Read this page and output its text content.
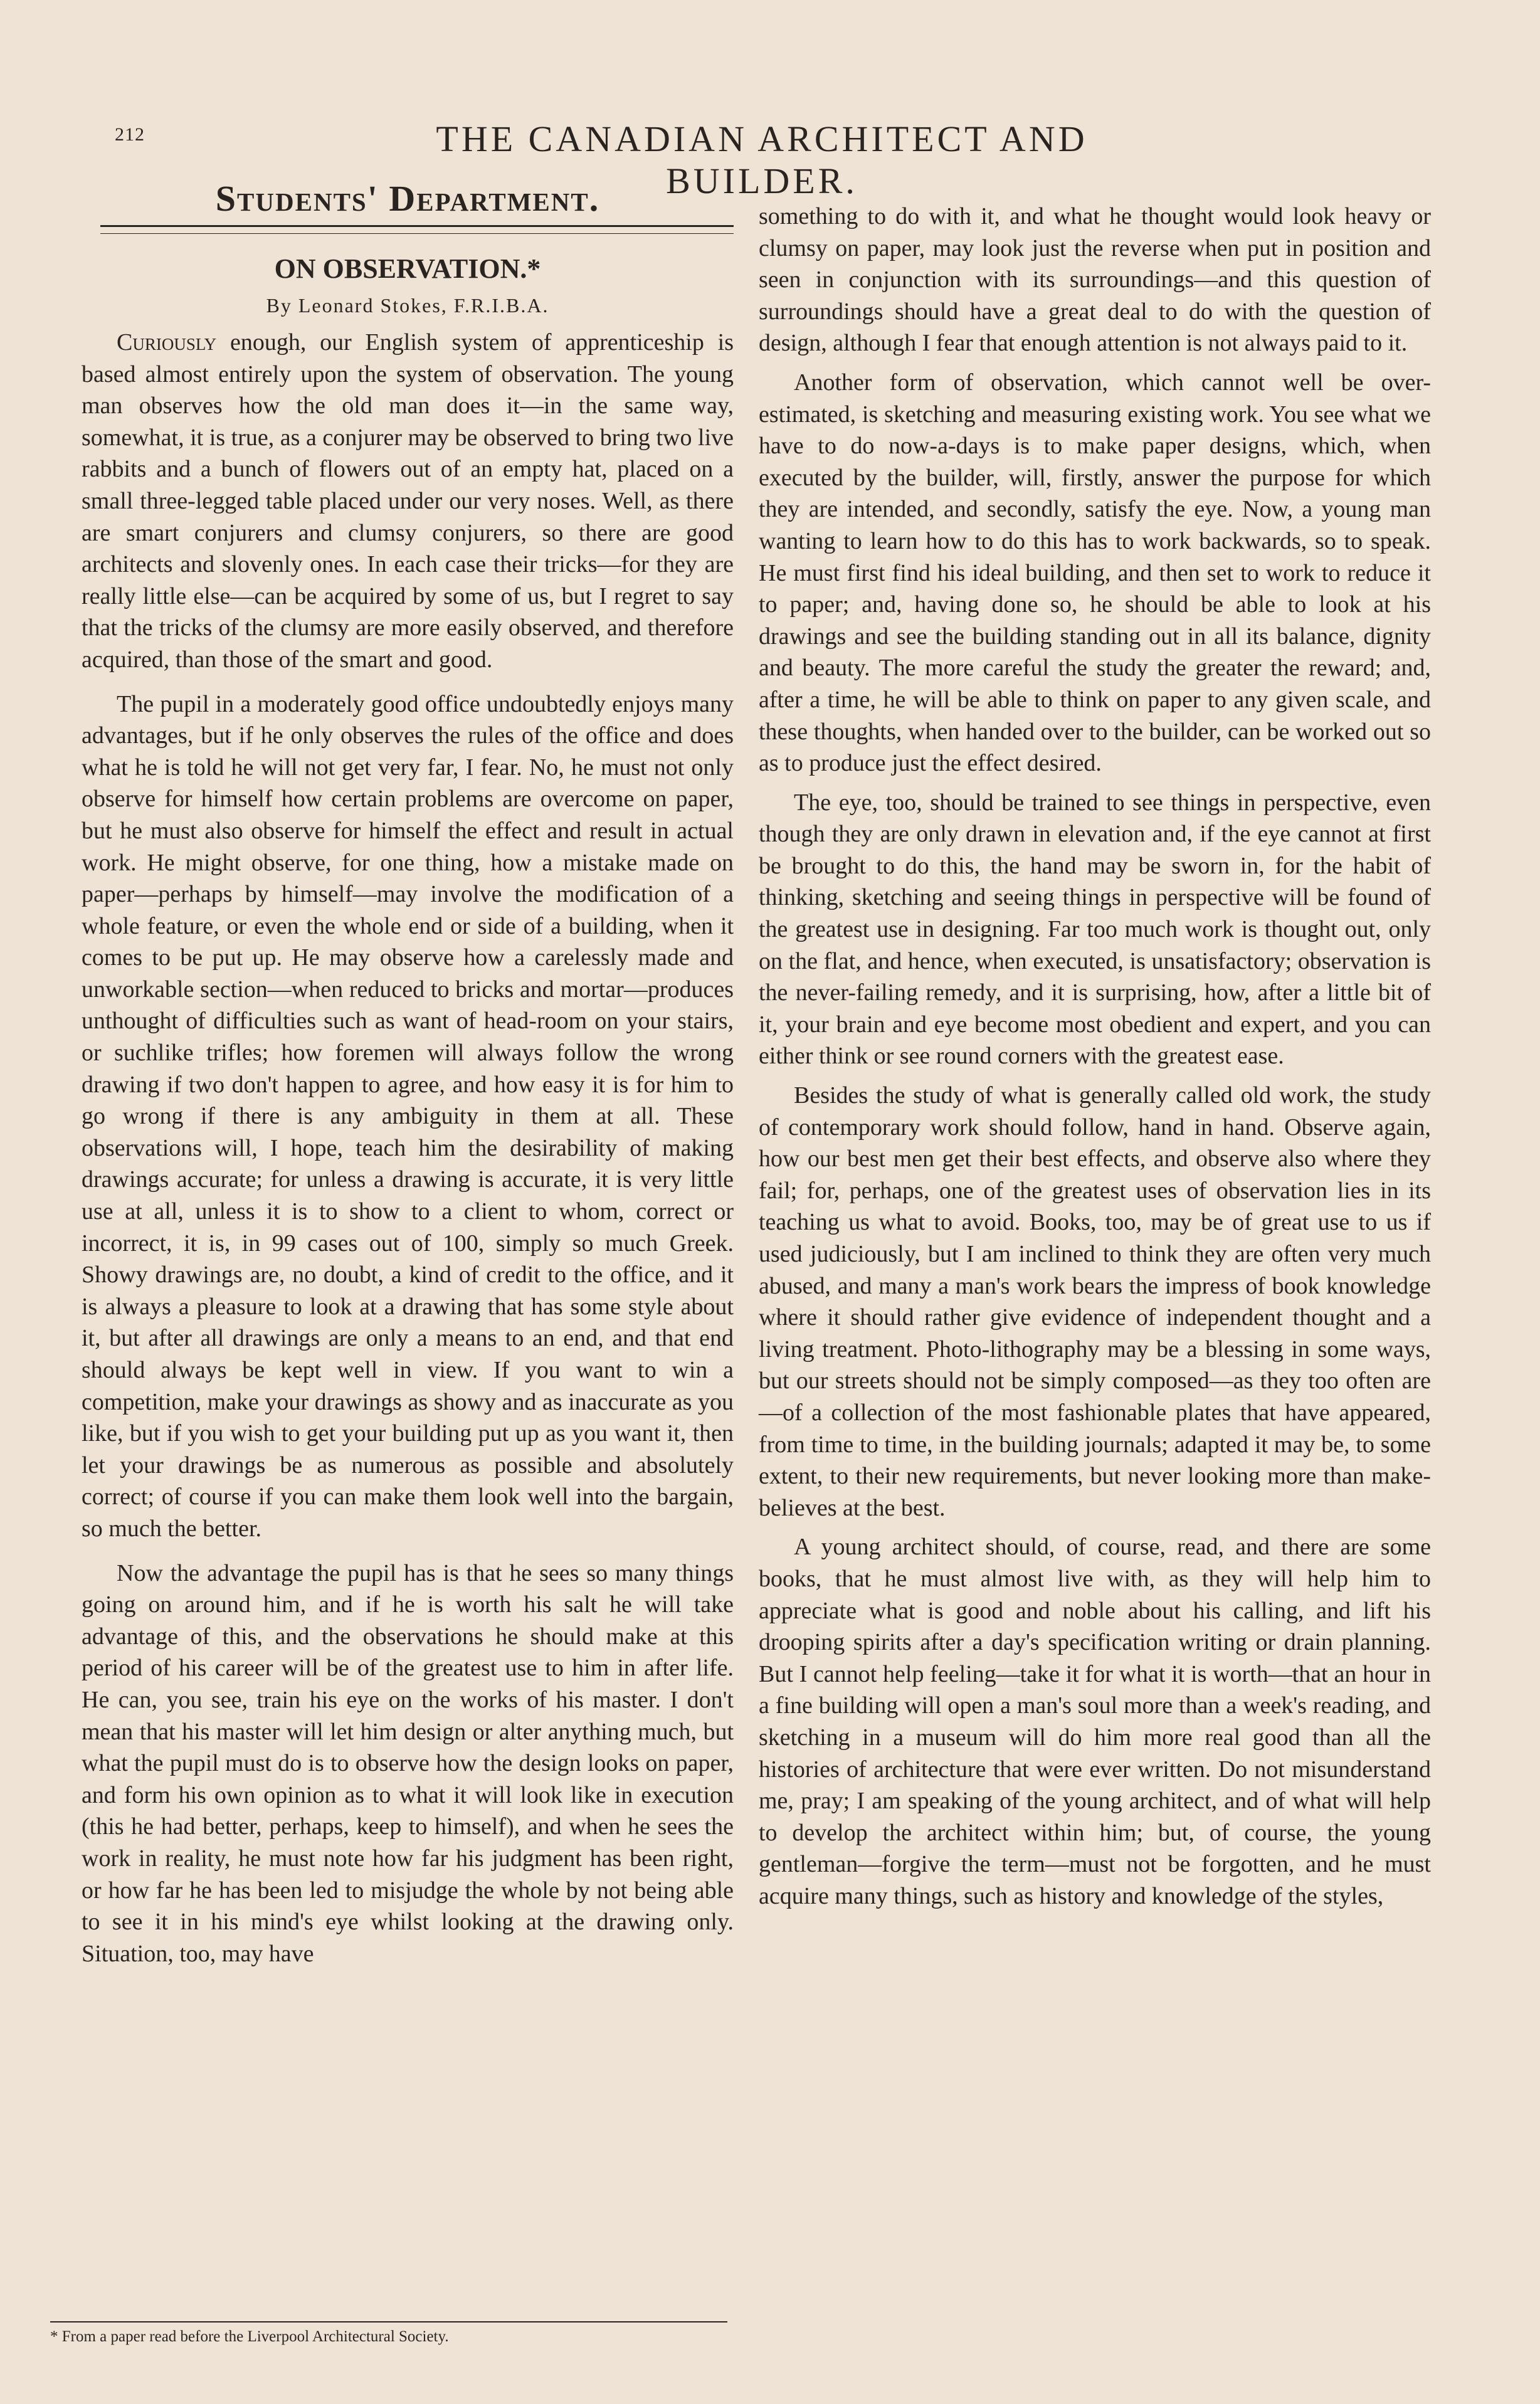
212	THE CANADIAN ARCHITECT AND BUILDER.
Students' Department.
ON OBSERVATION.*
By Leonard Stokes, F.R.I.B.A.

Curiously enough, our English system of apprenticeship is based almost entirely upon the system of observation. The young man observes how the old man does it—in the same way, somewhat, it is true, as a conjurer may be observed to bring two live rabbits and a bunch of flowers out of an empty hat, placed on a small three-legged table placed under our very noses. Well, as there are smart conjurers and clumsy conjurers, so there are good architects and slovenly ones. In each case their tricks—for they are really little else—can be acquired by some of us, but I regret to say that the tricks of the clumsy are more easily observed, and therefore acquired, than those of the smart and good.

The pupil in a moderately good office undoubtedly enjoys many advantages, but if he only observes the rules of the office and does what he is told he will not get very far, I fear. No, he must not only observe for himself how certain problems are overcome on paper, but he must also observe for himself the effect and result in actual work. He might observe, for one thing, how a mistake made on paper—perhaps by himself—may involve the modification of a whole feature, or even the whole end or side of a building, when it comes to be put up. He may observe how a carelessly made and unworkable section—when reduced to bricks and mortar—produces unthought of difficulties such as want of head-room on your stairs, or suchlike trifles; how foremen will always follow the wrong drawing if two don't happen to agree, and how easy it is for him to go wrong if there is any ambiguity in them at all. These observations will, I hope, teach him the desirability of making drawings accurate; for unless a drawing is accurate, it is very little use at all, unless it is to show to a client to whom, correct or incorrect, it is, in 99 cases out of 100, simply so much Greek. Showy drawings are, no doubt, a kind of credit to the office, and it is always a pleasure to look at a drawing that has some style about it, but after all drawings are only a means to an end, and that end should always be kept well in view. If you want to win a competition, make your drawings as showy and as inaccurate as you like, but if you wish to get your building put up as you want it, then let your drawings be as numerous as possible and absolutely correct; of course if you can make them look well into the bargain, so much the better.

Now the advantage the pupil has is that he sees so many things going on around him, and if he is worth his salt he will take advantage of this, and the observations he should make at this period of his career will be of the greatest use to him in after life. He can, you see, train his eye on the works of his master. I don't mean that his master will let him design or alter anything much, but what the pupil must do is to observe how the design looks on paper, and form his own opinion as to what it will look like in execution (this he had better, perhaps, keep to himself), and when he sees the work in reality, he must note how far his judgment has been right, or how far he has been led to misjudge the whole by not being able to see it in his mind's eye whilst looking at the drawing only. Situation, too, may have

something to do with it, and what he thought would look heavy or clumsy on paper, may look just the reverse when put in position and seen in conjunction with its surroundings—and this question of surroundings should have a great deal to do with the question of design, although I fear that enough attention is not always paid to it.

Another form of observation, which cannot well be over-estimated, is sketching and measuring existing work. You see what we have to do now-a-days is to make paper designs, which, when executed by the builder, will, firstly, answer the purpose for which they are intended, and secondly, satisfy the eye. Now, a young man wanting to learn how to do this has to work backwards, so to speak. He must first find his ideal building, and then set to work to reduce it to paper; and, having done so, he should be able to look at his drawings and see the building standing out in all its balance, dignity and beauty. The more careful the study the greater the reward; and, after a time, he will be able to think on paper to any given scale, and these thoughts, when handed over to the builder, can be worked out so as to produce just the effect desired.

The eye, too, should be trained to see things in perspective, even though they are only drawn in elevation and, if the eye cannot at first be brought to do this, the hand may be sworn in, for the habit of thinking, sketching and seeing things in perspective will be found of the greatest use in designing. Far too much work is thought out, only on the flat, and hence, when executed, is unsatisfactory; observation is the never-failing remedy, and it is surprising, how, after a little bit of it, your brain and eye become most obedient and expert, and you can either think or see round corners with the greatest ease.

Besides the study of what is generally called old work, the study of contemporary work should follow, hand in hand. Observe again, how our best men get their best effects, and observe also where they fail; for, perhaps, one of the greatest uses of observation lies in its teaching us what to avoid. Books, too, may be of great use to us if used judiciously, but I am inclined to think they are often very much abused, and many a man's work bears the impress of book knowledge where it should rather give evidence of independent thought and a living treatment. Photo-lithography may be a blessing in some ways, but our streets should not be simply composed—as they too often are—of a collection of the most fashionable plates that have appeared, from time to time, in the building journals; adapted it may be, to some extent, to their new requirements, but never looking more than make-believes at the best.

A young architect should, of course, read, and there are some books, that he must almost live with, as they will help him to appreciate what is good and noble about his calling, and lift his drooping spirits after a day's specification writing or drain planning. But I cannot help feeling—take it for what it is worth—that an hour in a fine building will open a man's soul more than a week's reading, and sketching in a museum will do him more real good than all the histories of architecture that were ever written. Do not misunderstand me, pray; I am speaking of the young architect, and of what will help to develop the architect within him; but, of course, the young gentleman—forgive the term—must not be forgotten, and he must acquire many things, such as history and knowledge of the styles,

* From a paper read before the Liverpool Architectural Society.
